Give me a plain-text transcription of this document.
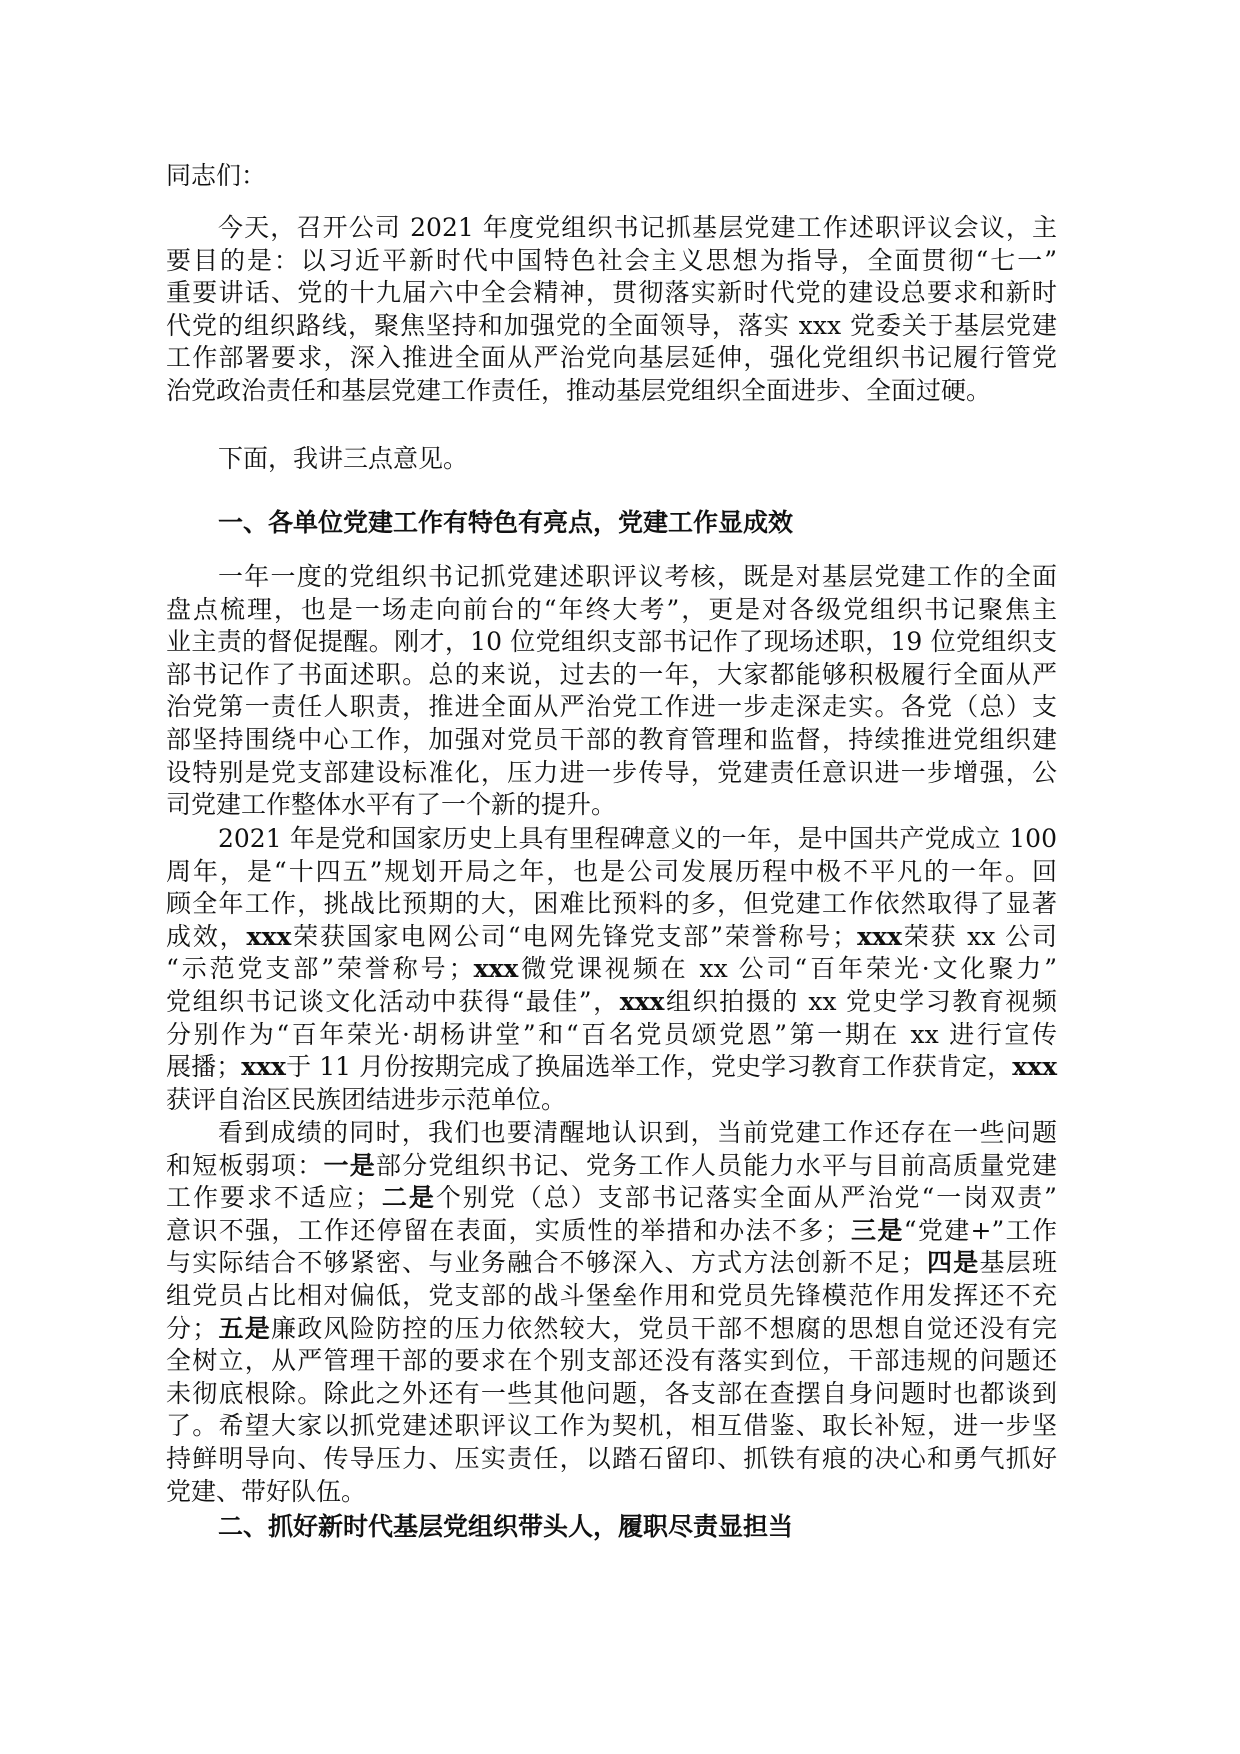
同志们：
今天，召开公司 2021 年度党组织书记抓基层党建工作述职评议会议，主
要目的是：以习近平新时代中国特色社会主义思想为指导，全面贯彻“七一”
重要讲话、党的十九届六中全会精神，贯彻落实新时代党的建设总要求和新时
代党的组织路线，聚焦坚持和加强党的全面领导，落实 xxx 党委关于基层党建
工作部署要求，深入推进全面从严治党向基层延伸，强化党组织书记履行管党
治党政治责任和基层党建工作责任，推动基层党组织全面进步、全面过硬。
下面，我讲三点意见。
一、各单位党建工作有特色有亮点，党建工作显成效
一年一度的党组织书记抓党建述职评议考核，既是对基层党建工作的全面
盘点梳理，也是一场走向前台的“年终大考”，更是对各级党组织书记聚焦主
业主责的督促提醒。刚才，10 位党组织支部书记作了现场述职，19 位党组织支
部书记作了书面述职。总的来说，过去的一年，大家都能够积极履行全面从严
治党第一责任人职责，推进全面从严治党工作进一步走深走实。各党（总）支
部坚持围绕中心工作，加强对党员干部的教育管理和监督，持续推进党组织建
设特别是党支部建设标准化，压力进一步传导，党建责任意识进一步增强，公
司党建工作整体水平有了一个新的提升。
2021 年是党和国家历史上具有里程碑意义的一年，是中国共产党成立 100
周年，是“十四五”规划开局之年，也是公司发展历程中极不平凡的一年。回
顾全年工作，挑战比预期的大，困难比预料的多，但党建工作依然取得了显著
成效，xxx荣获国家电网公司“电网先锋党支部”荣誉称号；xxx荣获 xx 公司
“示范党支部”荣誉称号；xxx微党课视频在 xx 公司“百年荣光·文化聚力”
党组织书记谈文化活动中获得“最佳”，xxx组织拍摄的 xx 党史学习教育视频
分别作为“百年荣光·胡杨讲堂”和“百名党员颂党恩”第一期在 xx 进行宣传
展播；xxx于 11 月份按期完成了换届选举工作，党史学习教育工作获肯定，xxx
获评自治区民族团结进步示范单位。
看到成绩的同时，我们也要清醒地认识到，当前党建工作还存在一些问题
和短板弱项：一是部分党组织书记、党务工作人员能力水平与目前高质量党建
工作要求不适应；二是个别党（总）支部书记落实全面从严治党“一岗双责”
意识不强，工作还停留在表面，实质性的举措和办法不多；三是“党建+”工作
与实际结合不够紧密、与业务融合不够深入、方式方法创新不足；四是基层班
组党员占比相对偏低，党支部的战斗堡垒作用和党员先锋模范作用发挥还不充
分；五是廉政风险防控的压力依然较大，党员干部不想腐的思想自觉还没有完
全树立，从严管理干部的要求在个别支部还没有落实到位，干部违规的问题还
未彻底根除。除此之外还有一些其他问题，各支部在查摆自身问题时也都谈到
了。希望大家以抓党建述职评议工作为契机，相互借鉴、取长补短，进一步坚
持鲜明导向、传导压力、压实责任，以踏石留印、抓铁有痕的决心和勇气抓好
党建、带好队伍。
二、抓好新时代基层党组织带头人，履职尽责显担当
